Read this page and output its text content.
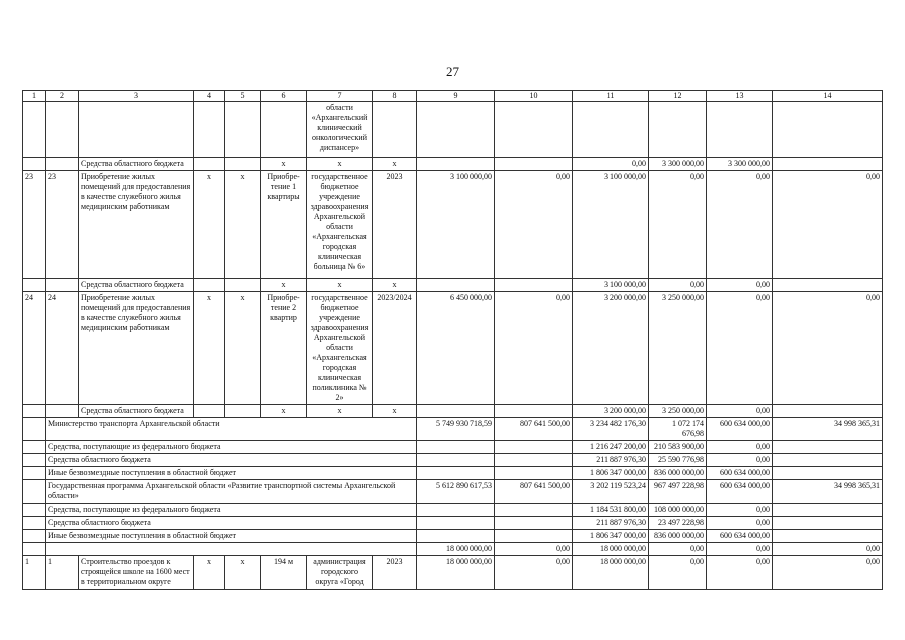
27
1	2	3	4	5	6	7	8	9	10	11	12	13	14
						области «Архангельский клинический онкологический диспансер»							
		Средства областного бюджета			х	х	х			0,00	3 300 000,00	3 300 000,00	
23	23	Приобретение жилых помещений для предоставления в качестве служебного жилья медицинским работникам	х	х	Приобре-тение 1 квартиры	государственное бюджетное учреждение здравоохранения Архангельской области «Архангельская городская клиническая больница № 6»	2023	3 100 000,00	0,00	3 100 000,00	0,00	0,00	0,00
		Средства областного бюджета			х	х	х			3 100 000,00	0,00	0,00	
24	24	Приобретение жилых помещений для предоставления в качестве служебного жилья медицинским работникам	х	х	Приобре-тение 2 квартир	государственное бюджетное учреждение здравоохранения Архангельской области «Архангельская городская клиническая поликлиника № 2»	2023/2024	6 450 000,00	0,00	3 200 000,00	3 250 000,00	0,00	0,00
		Средства областного бюджета			х	х	х			3 200 000,00	3 250 000,00	0,00	
	Министерство транспорта Архангельской области							5 749 930 718,59	807 641 500,00	3 234 482 176,30	1 072 174 676,98	600 634 000,00	34 998 365,31
	Средства, поступающие из федерального бюджета									1 216 247 200,00	210 583 900,00	0,00	
	Средства областного бюджета									211 887 976,30	25 590 776,98	0,00	
	Иные безвозмездные поступления в областной бюджет									1 806 347 000,00	836 000 000,00	600 634 000,00	
	Государственная программа Архангельской области «Развитие транспортной системы Архангельской области»							5 612 890 617,53	807 641 500,00	3 202 119 523,24	967 497 228,98	600 634 000,00	34 998 365,31
	Средства, поступающие из федерального бюджета									1 184 531 800,00	108 000 000,00	0,00	
	Средства областного бюджета									211 887 976,30	23 497 228,98	0,00	
	Иные безвозмездные поступления в областной бюджет									1 806 347 000,00	836 000 000,00	600 634 000,00	
								18 000 000,00	0,00	18 000 000,00	0,00	0,00	0,00
1	1	Строительство проездов к строящейся школе на 1600 мест в территориальном округе	х	х	194 м	администрация городского округа «Город	2023	18 000 000,00	0,00	18 000 000,00	0,00	0,00	0,00
